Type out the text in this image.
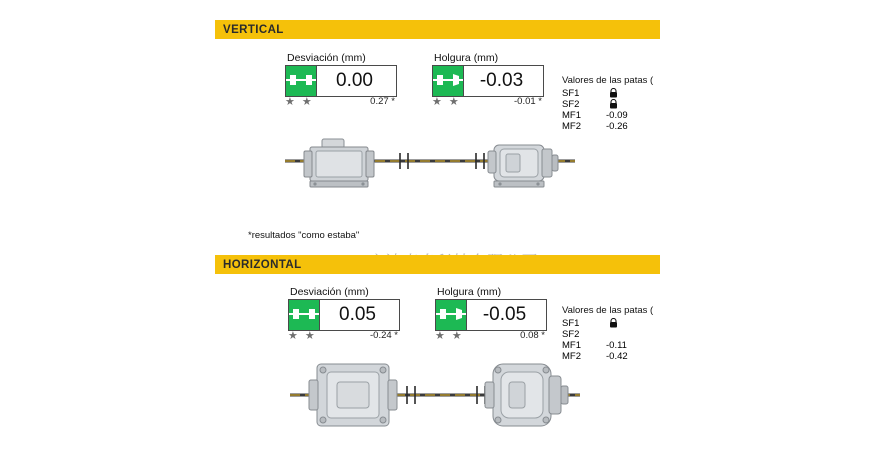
VERTICAL
Desviación (mm)
0.00
★ ★	0.27 *
Holgura (mm)
-0.03
★ ★	-0.01 *
Valores de las patas (
SF1
SF2
MF1	-0.09
MF2	-0.26
*resultados "como estaba"
HORIZONTAL
Desviación (mm)
0.05
★ ★	-0.24 *
Holgura (mm)
-0.05
★ ★	0.08 *
Valores de las patas (
SF1
SF2
MF1	-0.11
MF2	-0.42
